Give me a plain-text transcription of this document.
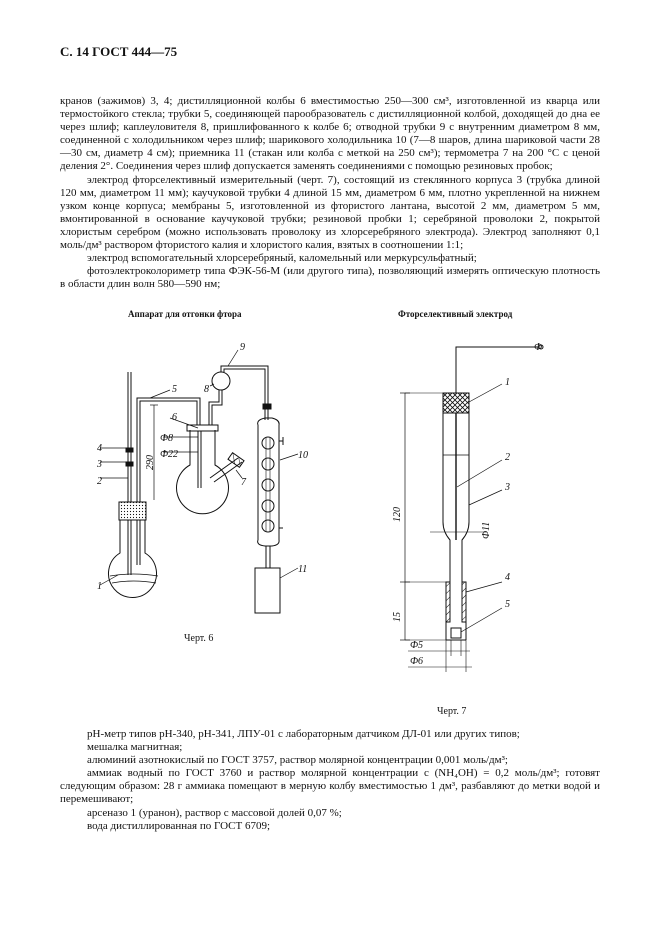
С. 14 ГОСТ 444—75

кранов (зажимов) 3, 4; дистилляционной колбы 6 вместимостью 250—300 см³, изготовленной из кварца или термостойкого стекла; трубки 5, соединяющей парообразователь с дистилляционной колбой, доходящей до дна ее через шлиф; каплеуловителя 8, пришлифованного к колбе 6; отводной трубки 9 с внутренним диаметром 8 мм, соединенной с холодильником через шлиф; шарикового холодильника 10 (7—8 шаров, длина шариковой части 28—30 см, диаметр 4 см); приемника 11 (стакан или колба с меткой на 250 см³); термометра 7 на 200 °С с ценой деления 2°. Соединения через шлиф допускается заменять соединениями с помощью резиновых пробок;

электрод фторселективный измерительный (черт. 7), состоящий из стеклянного корпуса 3 (трубка длиной 120 мм, диаметром 11 мм); каучуковой трубки 4 длиной 15 мм, диаметром 6 мм, плотно укрепленной на нижнем узком конце корпуса; мембраны 5, изготовленной из фтористого лантана, высотой 2 мм, диаметром 5 мм, вмонтированной в основание каучуковой трубки; резиновой пробки 1; серебряной проволоки 2, покрытой хлористым серебром (можно использовать проволоку из хлорсеребряного электрода). Электрод заполняют 0,1 моль/дм³ раствором фтористого калия и хлористого калия, взятых в соотношении 1:1;

электрод вспомогательный хлорсеребряный, каломельный или меркурсульфатный;

фотоэлектроколориметр типа ФЭК-56-М (или другого типа), позволяющий измерять оптическую плотность в области длин волн 580—590 нм;

Аппарат для отгонки фтора	Фторселективный электрод
1
2
3
4
5
6
7
8
9
10
11
Ф8
Ф22
290
1
2
3
4
5
Ф
120
Ф11
15
Ф5
Ф6
Черт. 6
Черт. 7

рН-метр типов рН-340, рН-341, ЛПУ-01 с лабораторным датчиком ДЛ-01 или других типов;

мешалка магнитная;

алюминий азотнокислый по ГОСТ 3757, раствор молярной концентрации 0,001 моль/дм³;

аммиак водный по ГОСТ 3760 и раствор молярной концентрации с (NH₄OH) = 0,2 моль/дм³; готовят следующим образом: 28 г аммиака помещают в мерную колбу вместимостью 1 дм³, разбавляют до метки водой и перемешивают;

арсеназо 1 (уранон), раствор с массовой долей 0,07 %;

вода дистиллированная по ГОСТ 6709;
